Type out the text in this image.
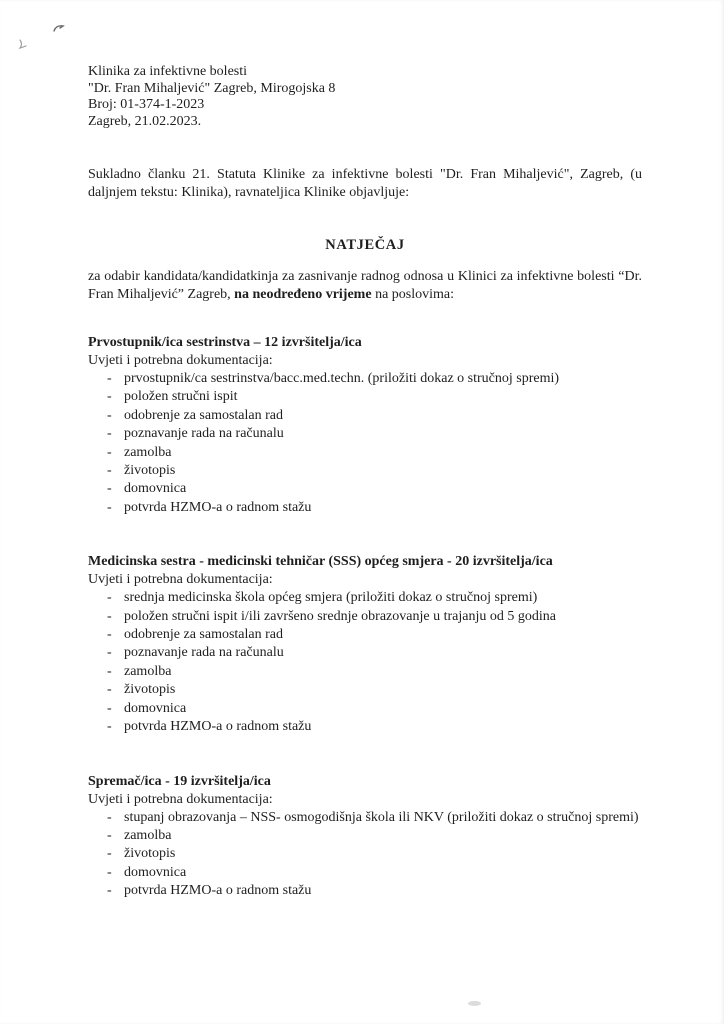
Klinika za infektivne bolesti
"Dr. Fran Mihaljević" Zagreb, Mirogojska 8
Broj: 01-374-1-2023
Zagreb, 21.02.2023.

Sukladno članku 21. Statuta Klinike za infektivne bolesti "Dr. Fran Mihaljević", Zagreb, (u daljnjem tekstu: Klinika), ravnateljica Klinike objavljuje:

NATJEČAJ

za odabir kandidata/kandidatkinja za zasnivanje radnog odnosa u Klinici za infektivne bolesti “Dr. Fran Mihaljević” Zagreb, na neodređeno vrijeme na poslovima:

Prvostupnik/ica sestrinstva – 12 izvršitelja/ica
Uvjeti i potrebna dokumentacija:
- prvostupnik/ca sestrinstva/bacc.med.techn. (priložiti dokaz o stručnoj spremi)
- položen stručni ispit
- odobrenje za samostalan rad
- poznavanje rada na računalu
- zamolba
- životopis
- domovnica
- potvrda HZMO-a o radnom stažu
Medicinska sestra - medicinski tehničar (SSS) općeg smjera - 20 izvršitelja/ica
Uvjeti i potrebna dokumentacija:
- srednja medicinska škola općeg smjera (priložiti dokaz o stručnoj spremi)
- položen stručni ispit i/ili završeno srednje obrazovanje u trajanju od 5 godina
- odobrenje za samostalan rad
- poznavanje rada na računalu
- zamolba
- životopis
- domovnica
- potvrda HZMO-a o radnom stažu
Spremač/ica - 19 izvršitelja/ica
Uvjeti i potrebna dokumentacija:
- stupanj obrazovanja – NSS- osmogodišnja škola ili NKV (priložiti dokaz o stručnoj spremi)
- zamolba
- životopis
- domovnica
- potvrda HZMO-a o radnom stažu
